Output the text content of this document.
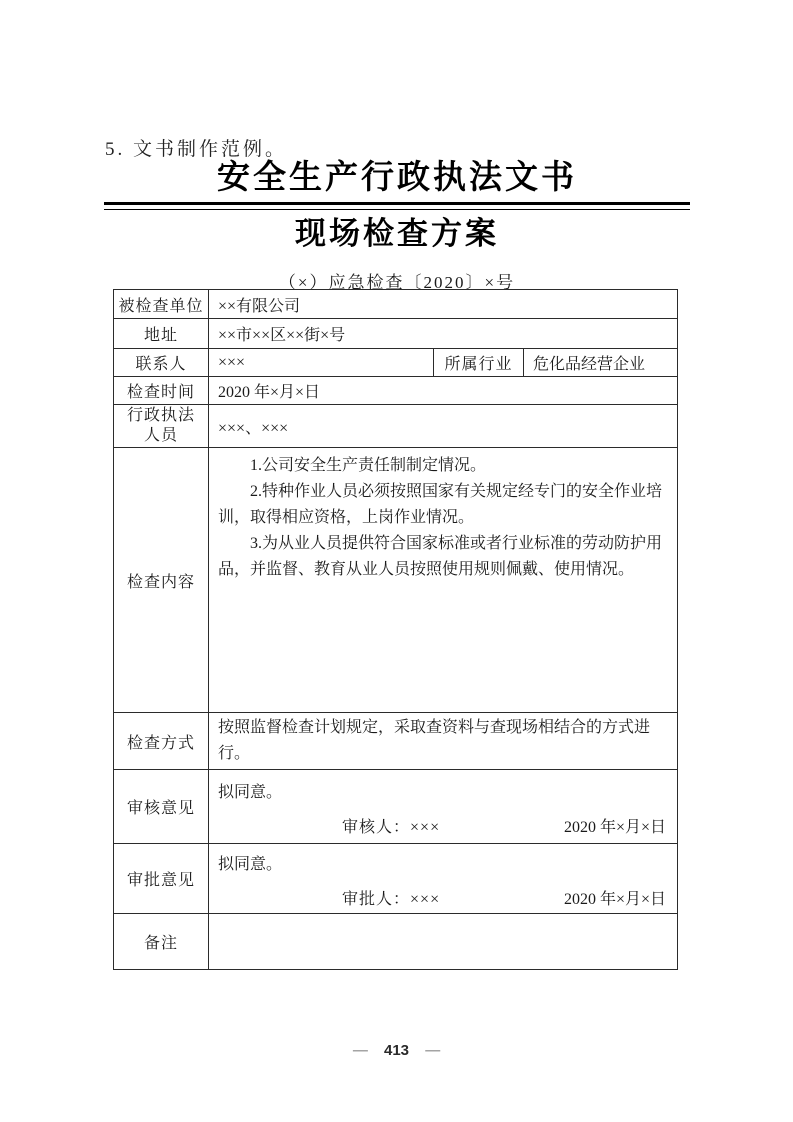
5. 文书制作范例。
安全生产行政执法文书
现场检查方案
（×）应急检查〔2020〕×号
被检查单位	××有限公司		
地址	××市××区××街×号		
联系人	×××	所属行业	危化品经营企业
检查时间	2020 年×月×日		
行政执法
人员	×××、×××		
检查内容	1.公司安全生产责任制制定情况。

2.特种作业人员必须按照国家有关规定经专门的安全作业培训，取得相应资格，上岗作业情况。

3.为从业人员提供符合国家标准或者行业标准的劳动防护用品，并监督、教育从业人员按照使用规则佩戴、使用情况。		

检查方式	按照监督检查计划规定，采取查资料与查现场相结合的方式进行。		

审核意见	拟同意。
审核人：××× 2020 年×月×日		

审批意见	拟同意。
审批人：××× 2020 年×月×日		

备注			
— 413 —
